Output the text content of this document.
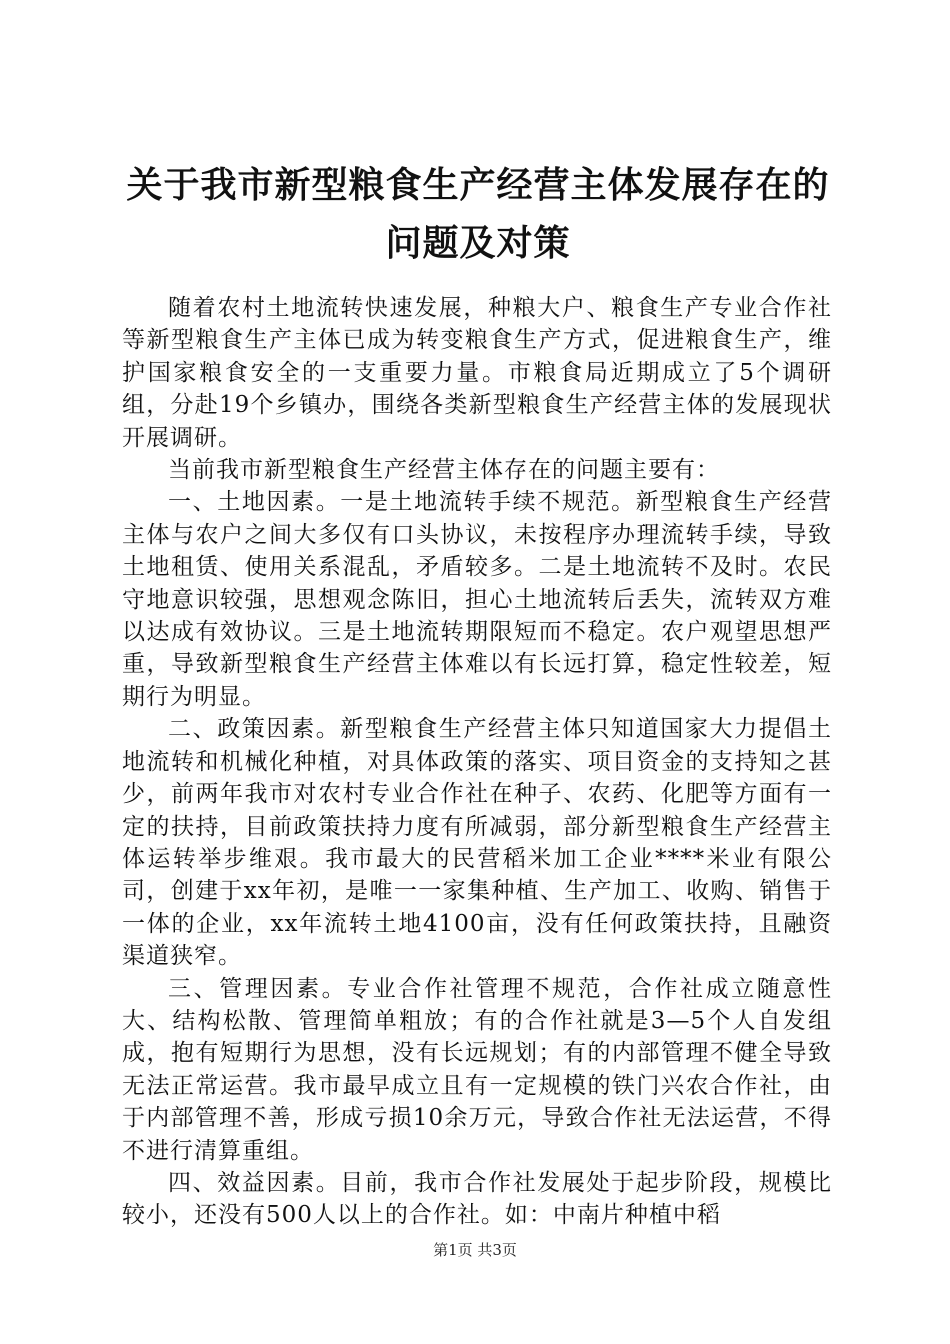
关于我市新型粮食生产经营主体发展存在的问题及对策

随着农村土地流转快速发展，种粮大户、粮食生产专业合作社等新型粮食生产主体已成为转变粮食生产方式，促进粮食生产，维护国家粮食安全的一支重要力量。市粮食局近期成立了5个调研组，分赴19个乡镇办，围绕各类新型粮食生产经营主体的发展现状开展调研。

当前我市新型粮食生产经营主体存在的问题主要有：

一、土地因素。一是土地流转手续不规范。新型粮食生产经营主体与农户之间大多仅有口头协议，未按程序办理流转手续，导致土地租赁、使用关系混乱，矛盾较多。二是土地流转不及时。农民守地意识较强，思想观念陈旧，担心土地流转后丢失，流转双方难以达成有效协议。三是土地流转期限短而不稳定。农户观望思想严重，导致新型粮食生产经营主体难以有长远打算，稳定性较差，短期行为明显。

二、政策因素。新型粮食生产经营主体只知道国家大力提倡土地流转和机械化种植，对具体政策的落实、项目资金的支持知之甚少，前两年我市对农村专业合作社在种子、农药、化肥等方面有一定的扶持，目前政策扶持力度有所减弱，部分新型粮食生产经营主体运转举步维艰。我市最大的民营稻米加工企业****米业有限公司，创建于xx年初，是唯一一家集种植、生产加工、收购、销售于一体的企业，xx年流转土地4100亩，没有任何政策扶持，且融资渠道狭窄。

三、管理因素。专业合作社管理不规范，合作社成立随意性大、结构松散、管理简单粗放；有的合作社就是3—5个人自发组成，抱有短期行为思想，没有长远规划；有的内部管理不健全导致无法正常运营。我市最早成立且有一定规模的铁门兴农合作社，由于内部管理不善，形成亏损10余万元，导致合作社无法运营，不得不进行清算重组。

四、效益因素。目前，我市合作社发展处于起步阶段，规模比较小，还没有500人以上的合作社。如：中南片种植中稻

第1页 共3页
